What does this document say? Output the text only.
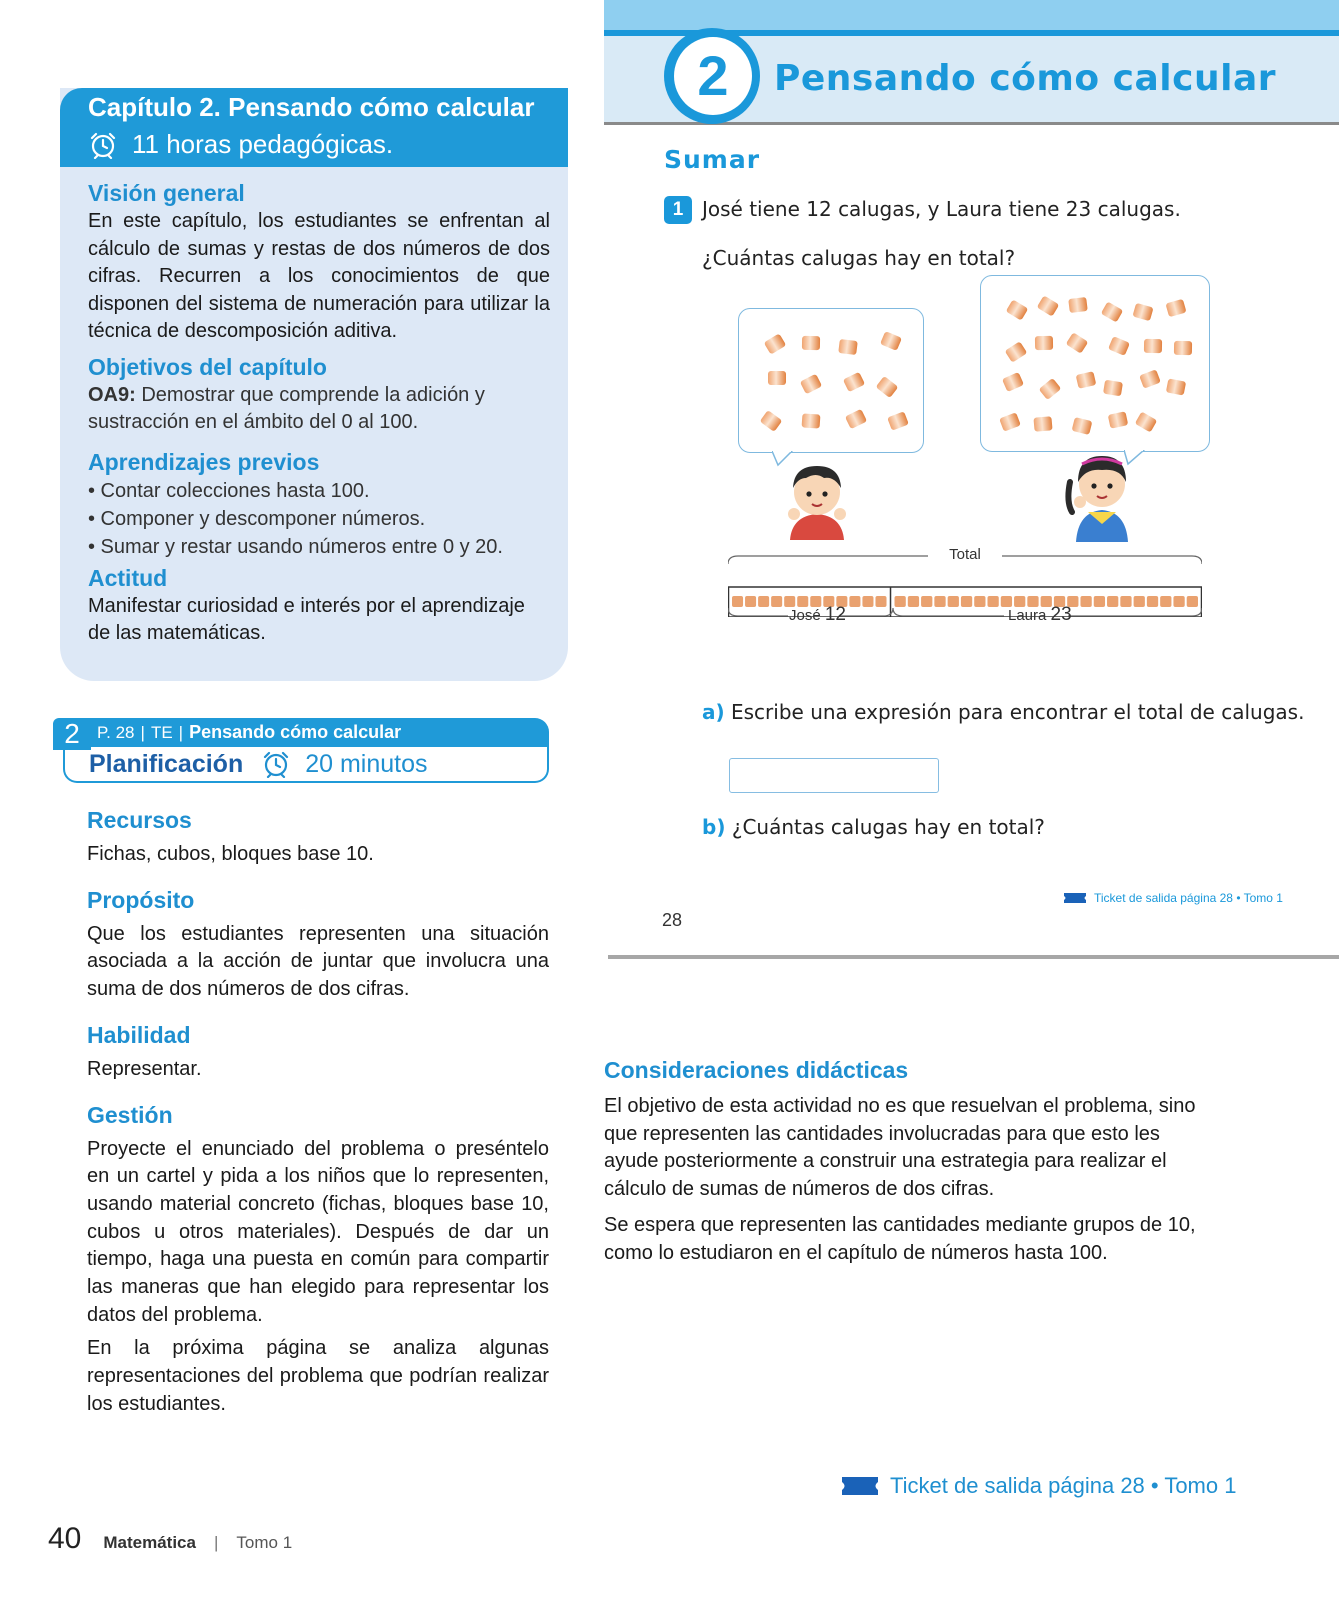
Capítulo 2. Pensando cómo calcular
11 horas pedagógicas.
Visión general
En este capítulo, los estudiantes se enfrentan al cálculo de sumas y restas de dos números de dos cifras. Recurren a los conocimientos de que disponen del sistema de numeración para utilizar la técnica de descomposición aditiva.
Objetivos del capítulo
OA9: Demostrar que comprende la adición y sustracción en el ámbito del 0 al 100.
Aprendizajes previos
• Contar colecciones hasta 100.
• Componer y descomponer números.
• Sumar y restar usando números entre 0 y 20.
Actitud
Manifestar curiosidad e interés por el aprendizaje de las matemáticas.
2	P. 28 | TE | Pensando cómo calcular
Planificación 20 minutos
Recursos
Fichas, cubos, bloques base 10.
Propósito
Que los estudiantes representen una situación asociada a la acción de juntar que involucra una suma de dos números de dos cifras.
Habilidad
Representar.
Gestión
Proyecte el enunciado del problema o preséntelo en un cartel y pida a los niños que lo representen, usando material concreto (fichas, bloques base 10, cubos u otros materiales). Después de dar un tiempo, haga una puesta en común para compartir las maneras que han elegido para representar los datos del problema.
En la próxima página se analiza algunas representaciones del problema que podrían realizar los estudiantes.
40 Matemática | Tomo 1
2	Pensando cómo calcular
Sumar
1 José tiene 12 calugas, y Laura tiene 23 calugas.
¿Cuántas calugas hay en total?
Total
José 12	Laura 23
a) Escribe una expresión para encontrar el total de calugas.
b) ¿Cuántas calugas hay en total?
28
Ticket de salida página 28 • Tomo 1
Consideraciones didácticas
El objetivo de esta actividad no es que resuelvan el problema, sino que representen las cantidades involucradas para que esto les ayude posteriormente a construir una estrategia para realizar el cálculo de sumas de números de dos cifras.
Se espera que representen las cantidades mediante grupos de 10, como lo estudiaron en el capítulo de números hasta 100.
Ticket de salida página 28 • Tomo 1
